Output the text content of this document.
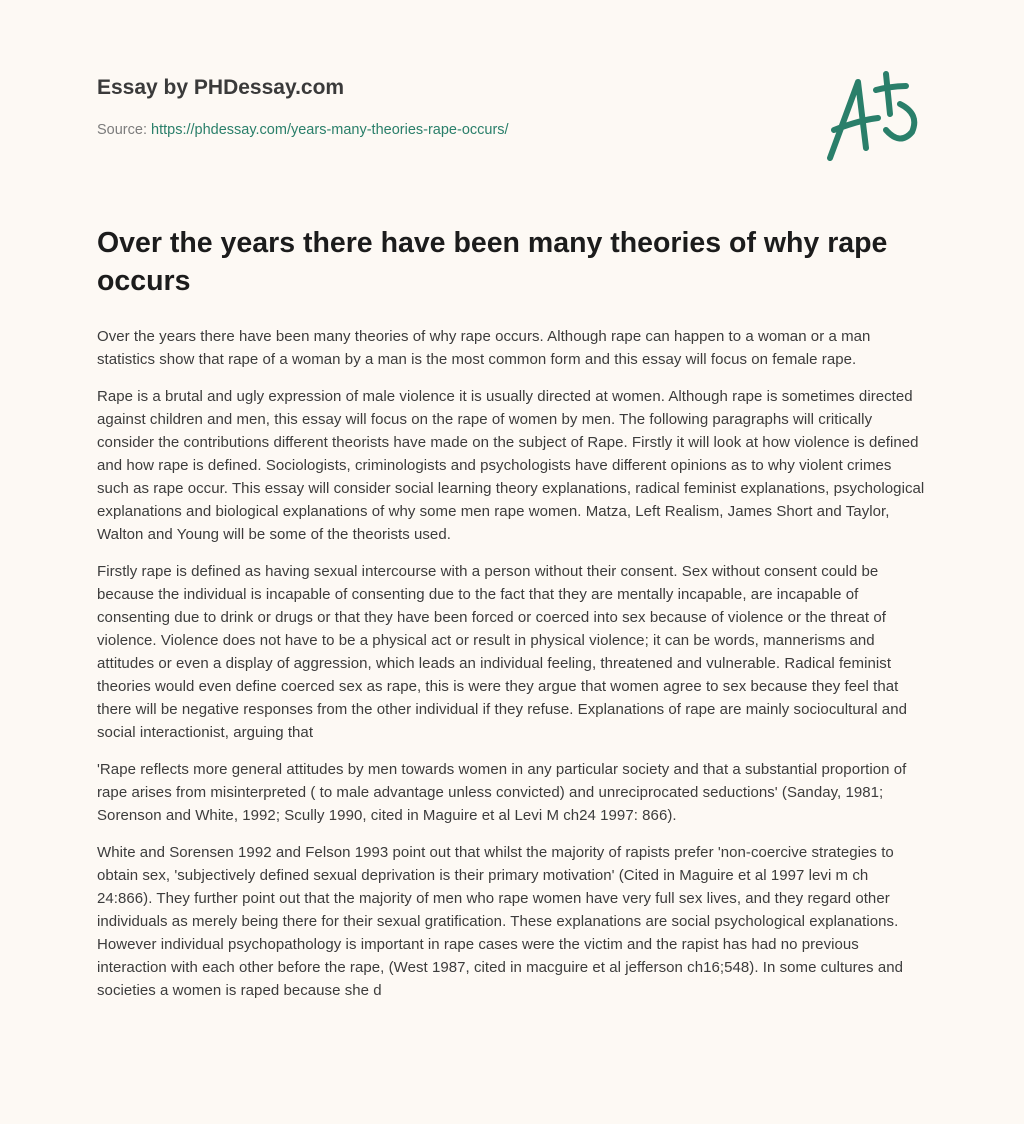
Essay by PHDessay.com
Source: https://phdessay.com/years-many-theories-rape-occurs/
Over the years there have been many theories of why rape occurs

Over the years there have been many theories of why rape occurs. Although rape can happen to a woman or a man statistics show that rape of a woman by a man is the most common form and this essay will focus on female rape.

Rape is a brutal and ugly expression of male violence it is usually directed at women. Although rape is sometimes directed against children and men, this essay will focus on the rape of women by men. The following paragraphs will critically consider the contributions different theorists have made on the subject of Rape. Firstly it will look at how violence is defined and how rape is defined. Sociologists, criminologists and psychologists have different opinions as to why violent crimes such as rape occur. This essay will consider social learning theory explanations, radical feminist explanations, psychological explanations and biological explanations of why some men rape women. Matza, Left Realism, James Short and Taylor, Walton and Young will be some of the theorists used.

Firstly rape is defined as having sexual intercourse with a person without their consent. Sex without consent could be because the individual is incapable of consenting due to the fact that they are mentally incapable, are incapable of consenting due to drink or drugs or that they have been forced or coerced into sex because of violence or the threat of violence. Violence does not have to be a physical act or result in physical violence; it can be words, mannerisms and attitudes or even a display of aggression, which leads an individual feeling, threatened and vulnerable. Radical feminist theories would even define coerced sex as rape, this is were they argue that women agree to sex because they feel that there will be negative responses from the other individual if they refuse. Explanations of rape are mainly sociocultural and social interactionist, arguing that

'Rape reflects more general attitudes by men towards women in any particular society and that a substantial proportion of rape arises from misinterpreted ( to male advantage unless convicted) and unreciprocated seductions' (Sanday, 1981; Sorenson and White, 1992; Scully 1990, cited in Maguire et al Levi M ch24 1997: 866).

White and Sorensen 1992 and Felson 1993 point out that whilst the majority of rapists prefer 'non-coercive strategies to obtain sex, 'subjectively defined sexual deprivation is their primary motivation' (Cited in Maguire et al 1997 levi m ch 24:866). They further point out that the majority of men who rape women have very full sex lives, and they regard other individuals as merely being there for their sexual gratification. These explanations are social psychological explanations. However individual psychopathology is important in rape cases were the victim and the rapist has had no previous interaction with each other before the rape, (West 1987, cited in macguire et al jefferson ch16;548). In some cultures and societies a women is raped because she d
